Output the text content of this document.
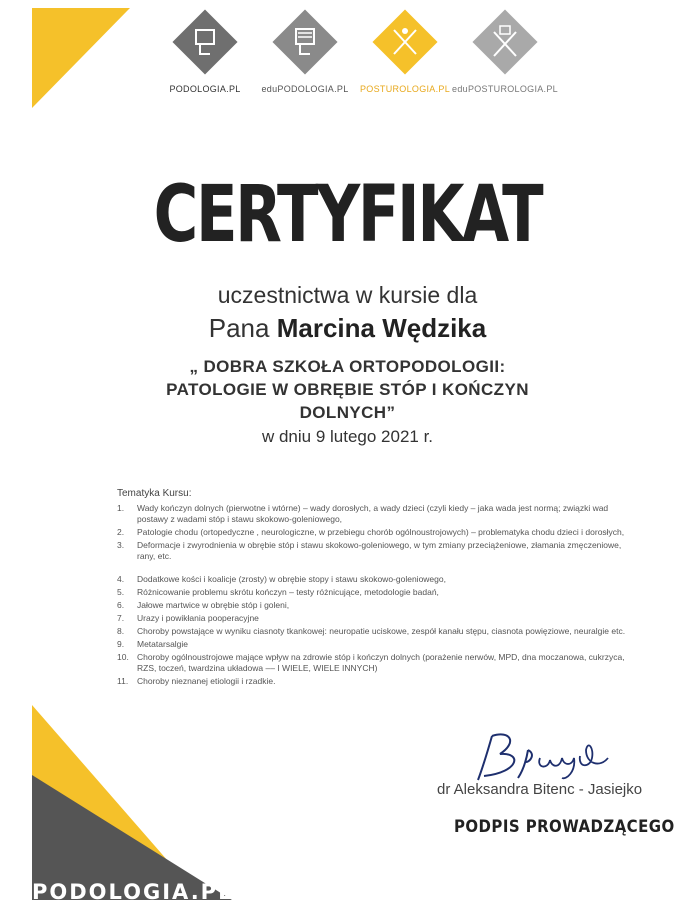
PODOLOGIA.PL eduPODOLOGIA.PL POSTUROLOGIA.PL eduPOSTUROLOGIA.PL
CERTYFIKAT
uczestnictwa w kursie dla
Pana Marcina Wędzika
„ DOBRA SZKOŁA ORTOPODOLOGII:
PATOLOGIE W OBRĘBIE STÓP I KOŃCZYN
DOLNYCH”
w dniu 9 lutego 2021 r.
Tematyka Kursu:
1.	Wady kończyn dolnych (pierwotne i wtórne) – wady dorosłych, a wady dzieci (czyli kiedy – jaka wada jest normą; związki wad postawy z wadami stóp i stawu skokowo-goleniowego,
2.	Patologie chodu (ortopedyczne , neurologiczne, w przebiegu chorób ogólnoustrojowych) – problematyka chodu dzieci i dorosłych,
3.	Deformacje i zwyrodnienia w obrębie stóp i stawu skokowo-goleniowego, w tym zmiany przeciążeniowe, złamania zmęczeniowe, rany, etc.
4.	Dodatkowe kości i koalicje (zrosty) w obrębie stopy i stawu skokowo-goleniowego,
5.	Różnicowanie problemu skrótu kończyn – testy różnicujące, metodologie badań,
6.	Jałowe martwice w obrębie stóp i goleni,
7.	Urazy i powikłania pooperacyjne
8.	Choroby powstające w wyniku ciasnoty tkankowej: neuropatie uciskowe, zespół kanału stępu, ciasnota powięziowe, neuralgie etc.
9.	Metatarsalgie
10. Choroby ogólnoustrojowe mające wpływ na zdrowie stóp i kończyn dolnych (porażenie nerwów, MPD, dna moczanowa, cukrzyca, RZS, toczeń, twardzina układowa –– I WIELE, WIELE INNYCH)
11.	Choroby nieznanej etiologii i rzadkie.
dr Aleksandra Bitenc - Jasiejko
PODPIS PROWADZĄCEGO
PODOLOGIA.PL
